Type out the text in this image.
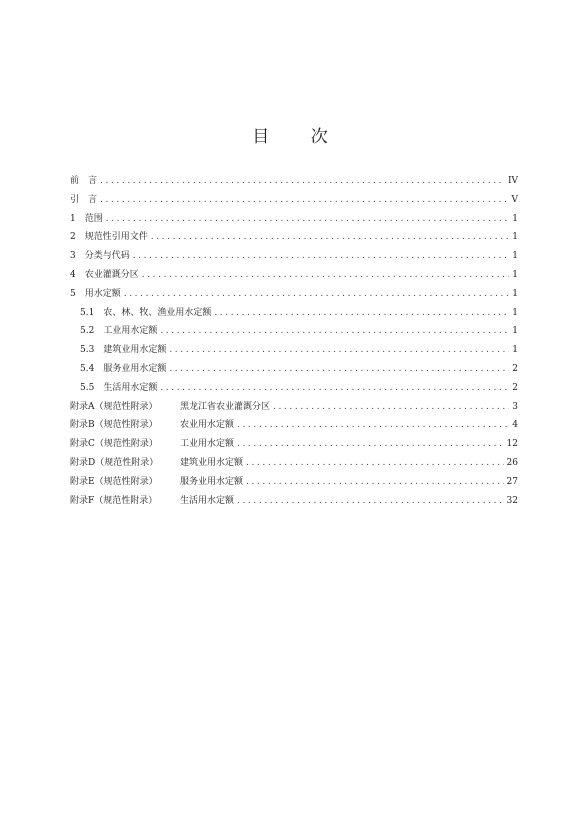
目 次
前　言 .....	IV
引　言 .....	V
1　范围 .....	1
2　规范性引用文件 .....	1
3　分类与代码 .....	1
4　农业灌溉分区 .....	1
5　用水定额 .....	1
5.1　农、林、牧、渔业用水定额 .....	1
5.2　工业用水定额 .....	1
5.3　建筑业用水定额 .....	1
5.4　服务业用水定额 .....	2
5.5　生活用水定额 .....	2
附录A（规范性附录）	黑龙江省农业灌溉分区 .....	3
附录B（规范性附录）	农业用水定额 .....	4
附录C（规范性附录）	工业用水定额 .....	12
附录D（规范性附录）	建筑业用水定额 .....	26
附录E（规范性附录）	服务业用水定额 .....	27
附录F（规范性附录）	生活用水定额 .....	32
